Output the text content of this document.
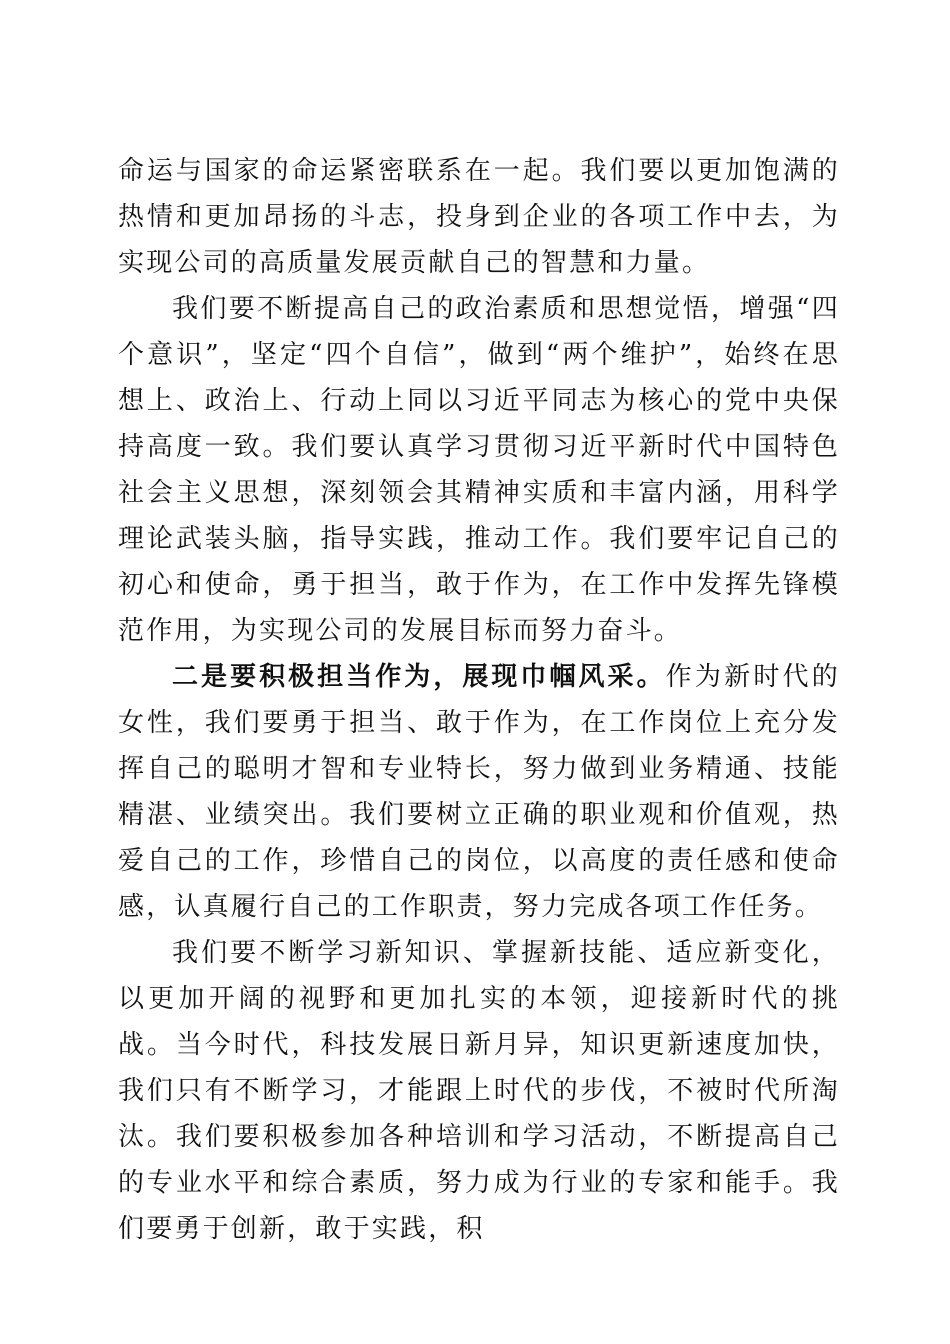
命运与国家的命运紧密联系在一起。我们要以更加饱满的热情和更加昂扬的斗志，投身到企业的各项工作中去，为实现公司的高质量发展贡献自己的智慧和力量。

我们要不断提高自己的政治素质和思想觉悟，增强“四个意识”，坚定“四个自信”，做到“两个维护”，始终在思想上、政治上、行动上同以习近平同志为核心的党中央保持高度一致。我们要认真学习贯彻习近平新时代中国特色社会主义思想，深刻领会其精神实质和丰富内涵，用科学理论武装头脑，指导实践，推动工作。我们要牢记自己的初心和使命，勇于担当，敢于作为，在工作中发挥先锋模范作用，为实现公司的发展目标而努力奋斗。

二是要积极担当作为，展现巾帼风采。作为新时代的女性，我们要勇于担当、敢于作为，在工作岗位上充分发挥自己的聪明才智和专业特长，努力做到业务精通、技能精湛、业绩突出。我们要树立正确的职业观和价值观，热爱自己的工作，珍惜自己的岗位，以高度的责任感和使命感，认真履行自己的工作职责，努力完成各项工作任务。

我们要不断学习新知识、掌握新技能、适应新变化，以更加开阔的视野和更加扎实的本领，迎接新时代的挑战。当今时代，科技发展日新月异，知识更新速度加快，我们只有不断学习，才能跟上时代的步伐，不被时代所淘汰。我们要积极参加各种培训和学习活动，不断提高自己的专业水平和综合素质，努力成为行业的专家和能手。我们要勇于创新，敢于实践，积
